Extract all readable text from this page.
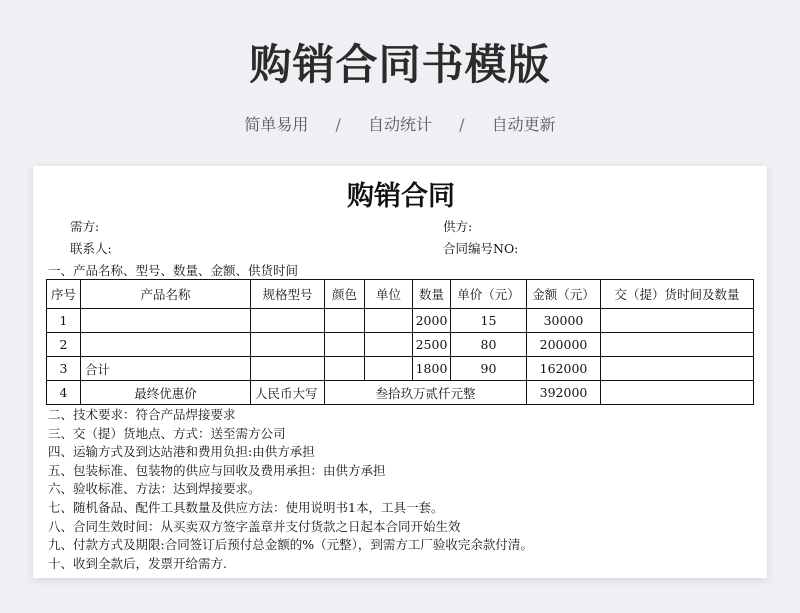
购销合同书模版
简单易用 / 自动统计 / 自动更新
购销合同
需方:	供方:
联系人:	合同编号NO:
一、产品名称、型号、数量、金额、供货时间
序号	产品名称	规格型号	颜色	单位	数量	单价（元）	金额（元）	交（提）货时间及数量
1					2000	15	30000	
2					2500	80	200000	
3	合计				1800	90	162000	
4	最终优惠价	人民币大写	叁拾玖万贰仟元整				392000	
二、技术要求：符合产品焊接要求
三、交（提）货地点、方式：送至需方公司
四、运输方式及到达站港和费用负担:由供方承担
五、包装标准、包装物的供应与回收及费用承担：由供方承担
六、验收标准、方法：达到焊接要求。
七、随机备品、配件工具数量及供应方法：使用说明书1本，工具一套。
八、合同生效时间：从买卖双方签字盖章并支付货款之日起本合同开始生效
九、付款方式及期限:合同签订后预付总金额的%（元整），到需方工厂验收完余款付清。
十、收到全款后，发票开给需方.
